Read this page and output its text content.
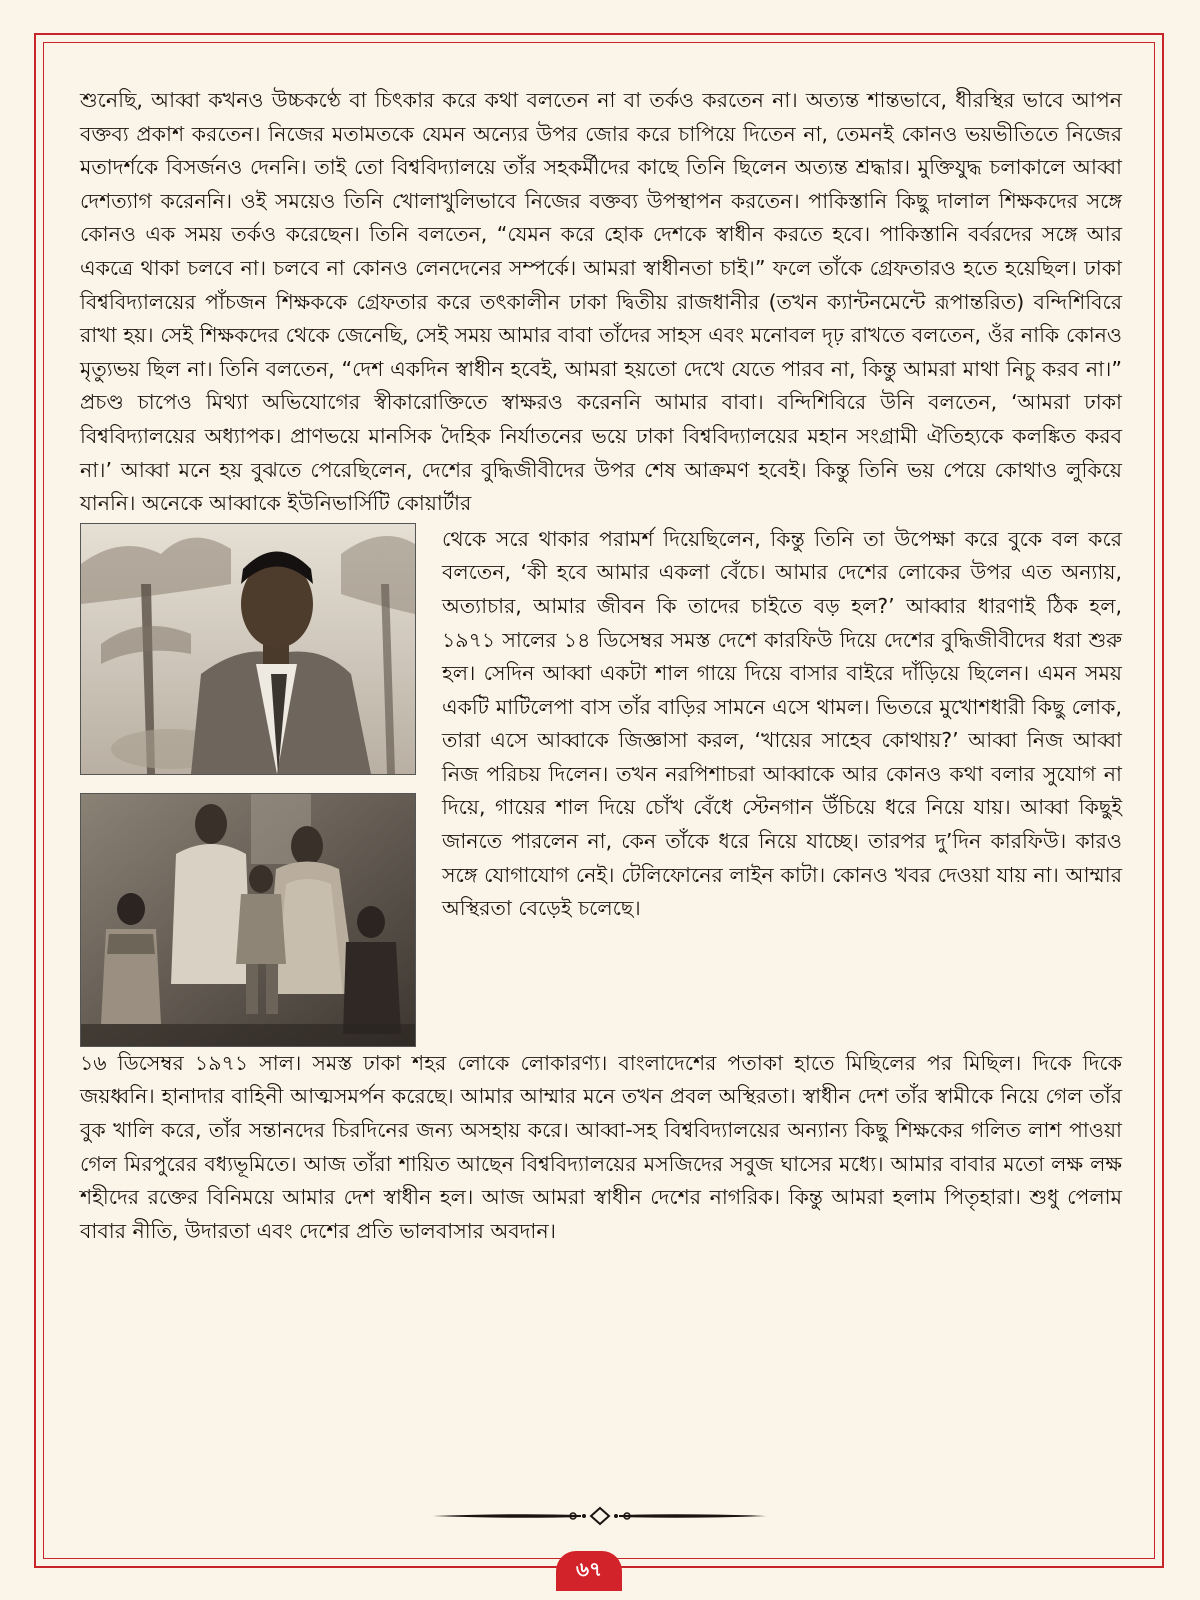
শুনেছি, আব্বা কখনও উচ্চকণ্ঠে বা চিৎকার করে কথা বলতেন না বা তর্কও করতেন না। অত্যন্ত শান্তভাবে, ধীরস্থির ভাবে আপন বক্তব্য প্রকাশ করতেন। নিজের মতামতকে যেমন অন্যের উপর জোর করে চাপিয়ে দিতেন না, তেমনই কোনও ভয়ভীতিতে নিজের মতাদর্শকে বিসর্জনও দেননি। তাই তো বিশ্ববিদ্যালয়ে তাঁর সহকর্মীদের কাছে তিনি ছিলেন অত্যন্ত শ্রদ্ধার। মুক্তিযুদ্ধ চলাকালে আব্বা দেশত্যাগ করেননি। ওই সময়েও তিনি খোলাখুলিভাবে নিজের বক্তব্য উপস্থাপন করতেন। পাকিস্তানি কিছু দালাল শিক্ষকদের সঙ্গে কোনও এক সময় তর্কও করেছেন। তিনি বলতেন, “যেমন করে হোক দেশকে স্বাধীন করতে হবে। পাকিস্তানি বর্বরদের সঙ্গে আর একত্রে থাকা চলবে না। চলবে না কোনও লেনদেনের সম্পর্কে। আমরা স্বাধীনতা চাই।” ফলে তাঁকে গ্রেফতারও হতে হয়েছিল। ঢাকা বিশ্ববিদ্যালয়ের পাঁচজন শিক্ষককে গ্রেফতার করে তৎকালীন ঢাকা দ্বিতীয় রাজধানীর (তখন ক্যান্টনমেন্টে রূপান্তরিত) বন্দিশিবিরে রাখা হয়। সেই শিক্ষকদের থেকে জেনেছি, সেই সময় আমার বাবা তাঁদের সাহস এবং মনোবল দৃঢ় রাখতে বলতেন, ওঁর নাকি কোনও মৃত্যুভয় ছিল না। তিনি বলতেন, “দেশ একদিন স্বাধীন হবেই, আমরা হয়তো দেখে যেতে পারব না, কিন্তু আমরা মাথা নিচু করব না।” প্রচণ্ড চাপেও মিথ্যা অভিযোগের স্বীকারোক্তিতে স্বাক্ষরও করেননি আমার বাবা। বন্দিশিবিরে উনি বলতেন, ‘আমরা ঢাকা বিশ্ববিদ্যালয়ের অধ্যাপক। প্রাণভয়ে মানসিক দৈহিক নির্যাতনের ভয়ে ঢাকা বিশ্ববিদ্যালয়ের মহান সংগ্রামী ঐতিহ্যকে কলঙ্কিত করব না।’ আব্বা মনে হয় বুঝতে পেরেছিলেন, দেশের বুদ্ধিজীবীদের উপর শেষ আক্রমণ হবেই। কিন্তু তিনি ভয় পেয়ে কোথাও লুকিয়ে যাননি। অনেকে আব্বাকে ইউনিভার্সিটি কোয়ার্টার

থেকে সরে থাকার পরামর্শ দিয়েছিলেন, কিন্তু তিনি তা উপেক্ষা করে বুকে বল করে বলতেন, ‘কী হবে আমার একলা বেঁচে। আমার দেশের লোকের উপর এত অন্যায়, অত্যাচার, আমার জীবন কি তাদের চাইতে বড় হল?’ আব্বার ধারণাই ঠিক হল, ১৯৭১ সালের ১৪ ডিসেম্বর সমস্ত দেশে কারফিউ দিয়ে দেশের বুদ্ধিজীবীদের ধরা শুরু হল। সেদিন আব্বা একটা শাল গায়ে দিয়ে বাসার বাইরে দাঁড়িয়ে ছিলেন। এমন সময় একটি মাটিলেপা বাস তাঁর বাড়ির সামনে এসে থামল। ভিতরে মুখোশধারী কিছু লোক, তারা এসে আব্বাকে জিজ্ঞাসা করল, ‘খায়ের সাহেব কোথায়?’ আব্বা নিজ আব্বা নিজ পরিচয় দিলেন। তখন নরপিশাচরা আব্বাকে আর কোনও কথা বলার সুযোগ না দিয়ে, গায়ের শাল দিয়ে চোঁখ বেঁধে স্টেনগান উঁচিয়ে ধরে নিয়ে যায়। আব্বা কিছুই জানতে পারলেন না, কেন তাঁকে ধরে নিয়ে যাচ্ছে। তারপর দু’দিন কারফিউ। কারও সঙ্গে যোগাযোগ নেই। টেলিফোনের লাইন কাটা। কোনও খবর দেওয়া যায় না। আম্মার অস্থিরতা বেড়েই চলেছে।

১৬ ডিসেম্বর ১৯৭১ সাল। সমস্ত ঢাকা শহর লোকে লোকারণ্য। বাংলাদেশের পতাকা হাতে মিছিলের পর মিছিল। দিকে দিকে জয়ধ্বনি। হানাদার বাহিনী আত্মসমর্পন করেছে। আমার আম্মার মনে তখন প্রবল অস্থিরতা। স্বাধীন দেশ তাঁর স্বামীকে নিয়ে গেল তাঁর বুক খালি করে, তাঁর সন্তানদের চিরদিনের জন্য অসহায় করে। আব্বা-সহ বিশ্ববিদ্যালয়ের অন্যান্য কিছু শিক্ষকের গলিত লাশ পাওয়া গেল মিরপুরের বধ্যভূমিতে। আজ তাঁরা শায়িত আছেন বিশ্ববিদ্যালয়ের মসজিদের সবুজ ঘাসের মধ্যে। আমার বাবার মতো লক্ষ লক্ষ শহীদের রক্তের বিনিময়ে আমার দেশ স্বাধীন হল। আজ আমরা স্বাধীন দেশের নাগরিক। কিন্তু আমরা হলাম পিতৃহারা। শুধু পেলাম বাবার নীতি, উদারতা এবং দেশের প্রতি ভালবাসার অবদান।

৬৭
